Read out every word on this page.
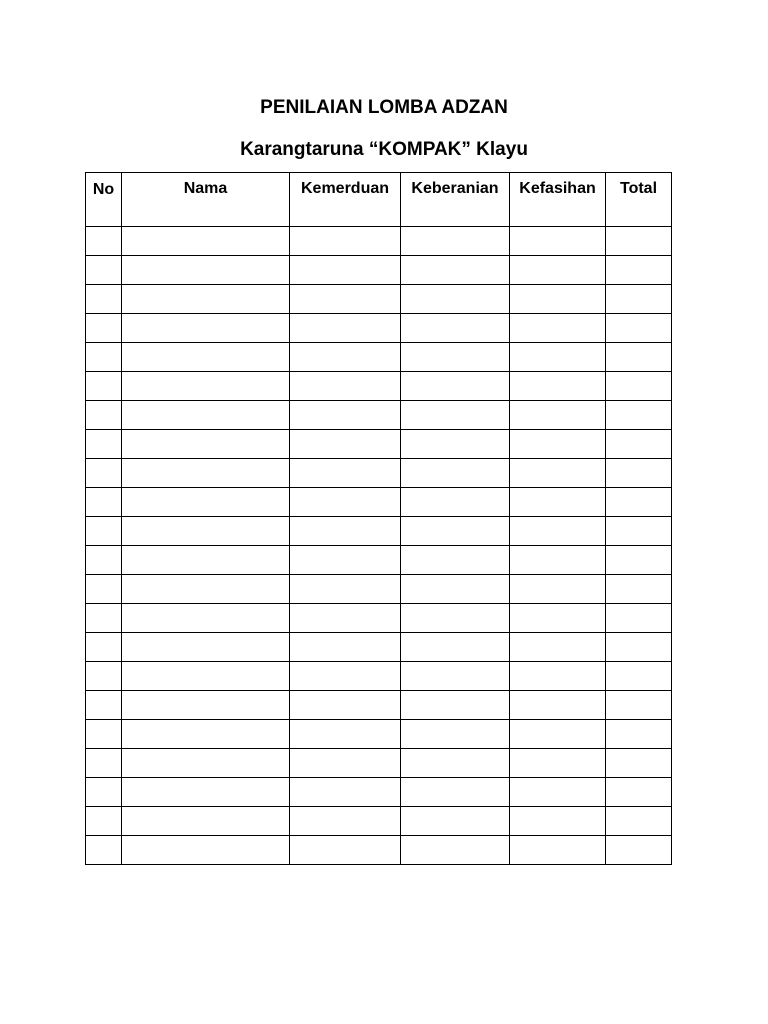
PENILAIAN LOMBA ADZAN
Karangtaruna “KOMPAK” Klayu
No	Nama	Kemerduan	Keberanian	Kefasihan	Total
